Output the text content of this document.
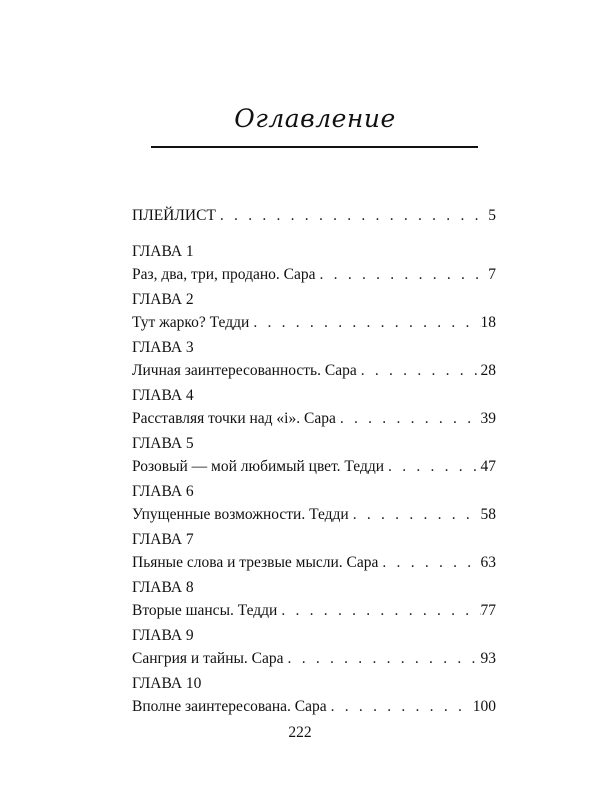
Оглавление
ПЛЕЙЛИСТ . . .	5
ГЛАВА 1
Раз, два, три, продано. Сара . . .	7
ГЛАВА 2
Тут жарко? Тедди . . .	18
ГЛАВА 3
Личная заинтересованность. Сара . . .	28
ГЛАВА 4
Расставляя точки над «i». Сара . . .	39
ГЛАВА 5
Розовый — мой любимый цвет. Тедди . . .	47
ГЛАВА 6
Упущенные возможности. Тедди . . .	58
ГЛАВА 7
Пьяные слова и трезвые мысли. Сара . . .	63
ГЛАВА 8
Вторые шансы. Тедди . . .	77
ГЛАВА 9
Сангрия и тайны. Сара . . .	93
ГЛАВА 10
Вполне заинтересована. Сара . . .	100
222
